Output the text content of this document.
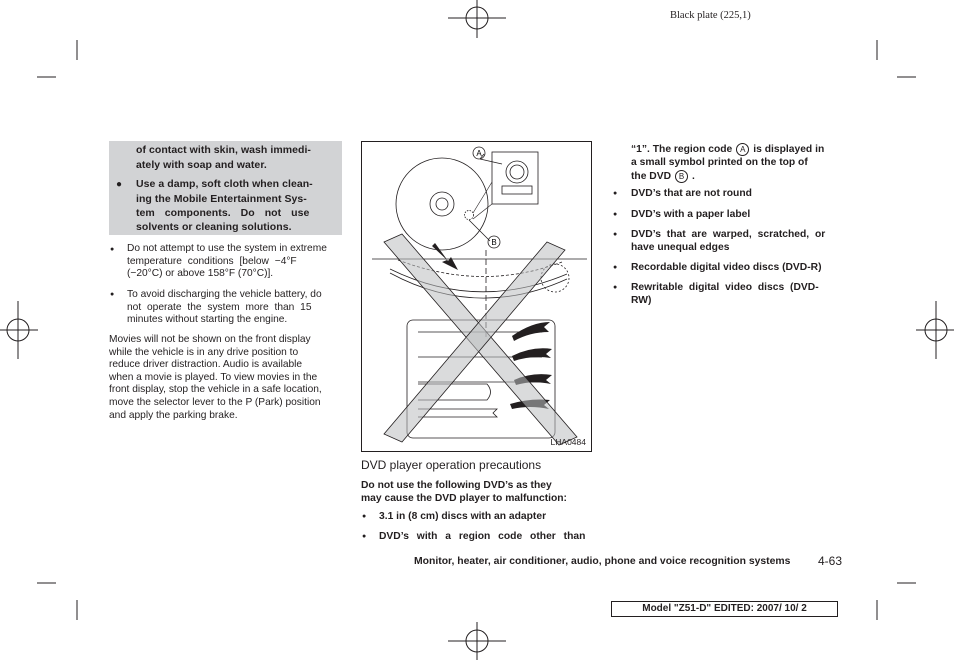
Black plate (225,1)
of contact with skin, wash immedi-
ately with soap and water.
● Use a damp, soft cloth when clean-
ing the Mobile Entertainment Sys-
tem components. Do not use
solvents or cleaning solutions.
● Do not attempt to use the system in extreme
temperature conditions [below −4°F
(−20°C) or above 158°F (70°C)].
● To avoid discharging the vehicle battery, do
not operate the system more than 15
minutes without starting the engine.
Movies will not be shown on the front display
while the vehicle is in any drive position to
reduce driver distraction. Audio is available
when a movie is played. To view movies in the
front display, stop the vehicle in a safe location,
move the selector lever to the P (Park) position
and apply the parking brake.
A
B
LHA0484
DVD player operation precautions
Do not use the following DVD’s as they
may cause the DVD player to malfunction:
● 3.1 in (8 cm) discs with an adapter
● DVD’s with a region code other than
“1”. The region code A is displayed in
a small symbol printed on the top of
the DVD B .
● DVD’s that are not round
● DVD’s with a paper label
● DVD’s that are warped, scratched, or
have unequal edges
● Recordable digital video discs (DVD-R)
● Rewritable digital video discs (DVD-
RW)
Monitor, heater, air conditioner, audio, phone and voice recognition systems 4-63
Model "Z51-D" EDITED: 2007/ 10/ 2
